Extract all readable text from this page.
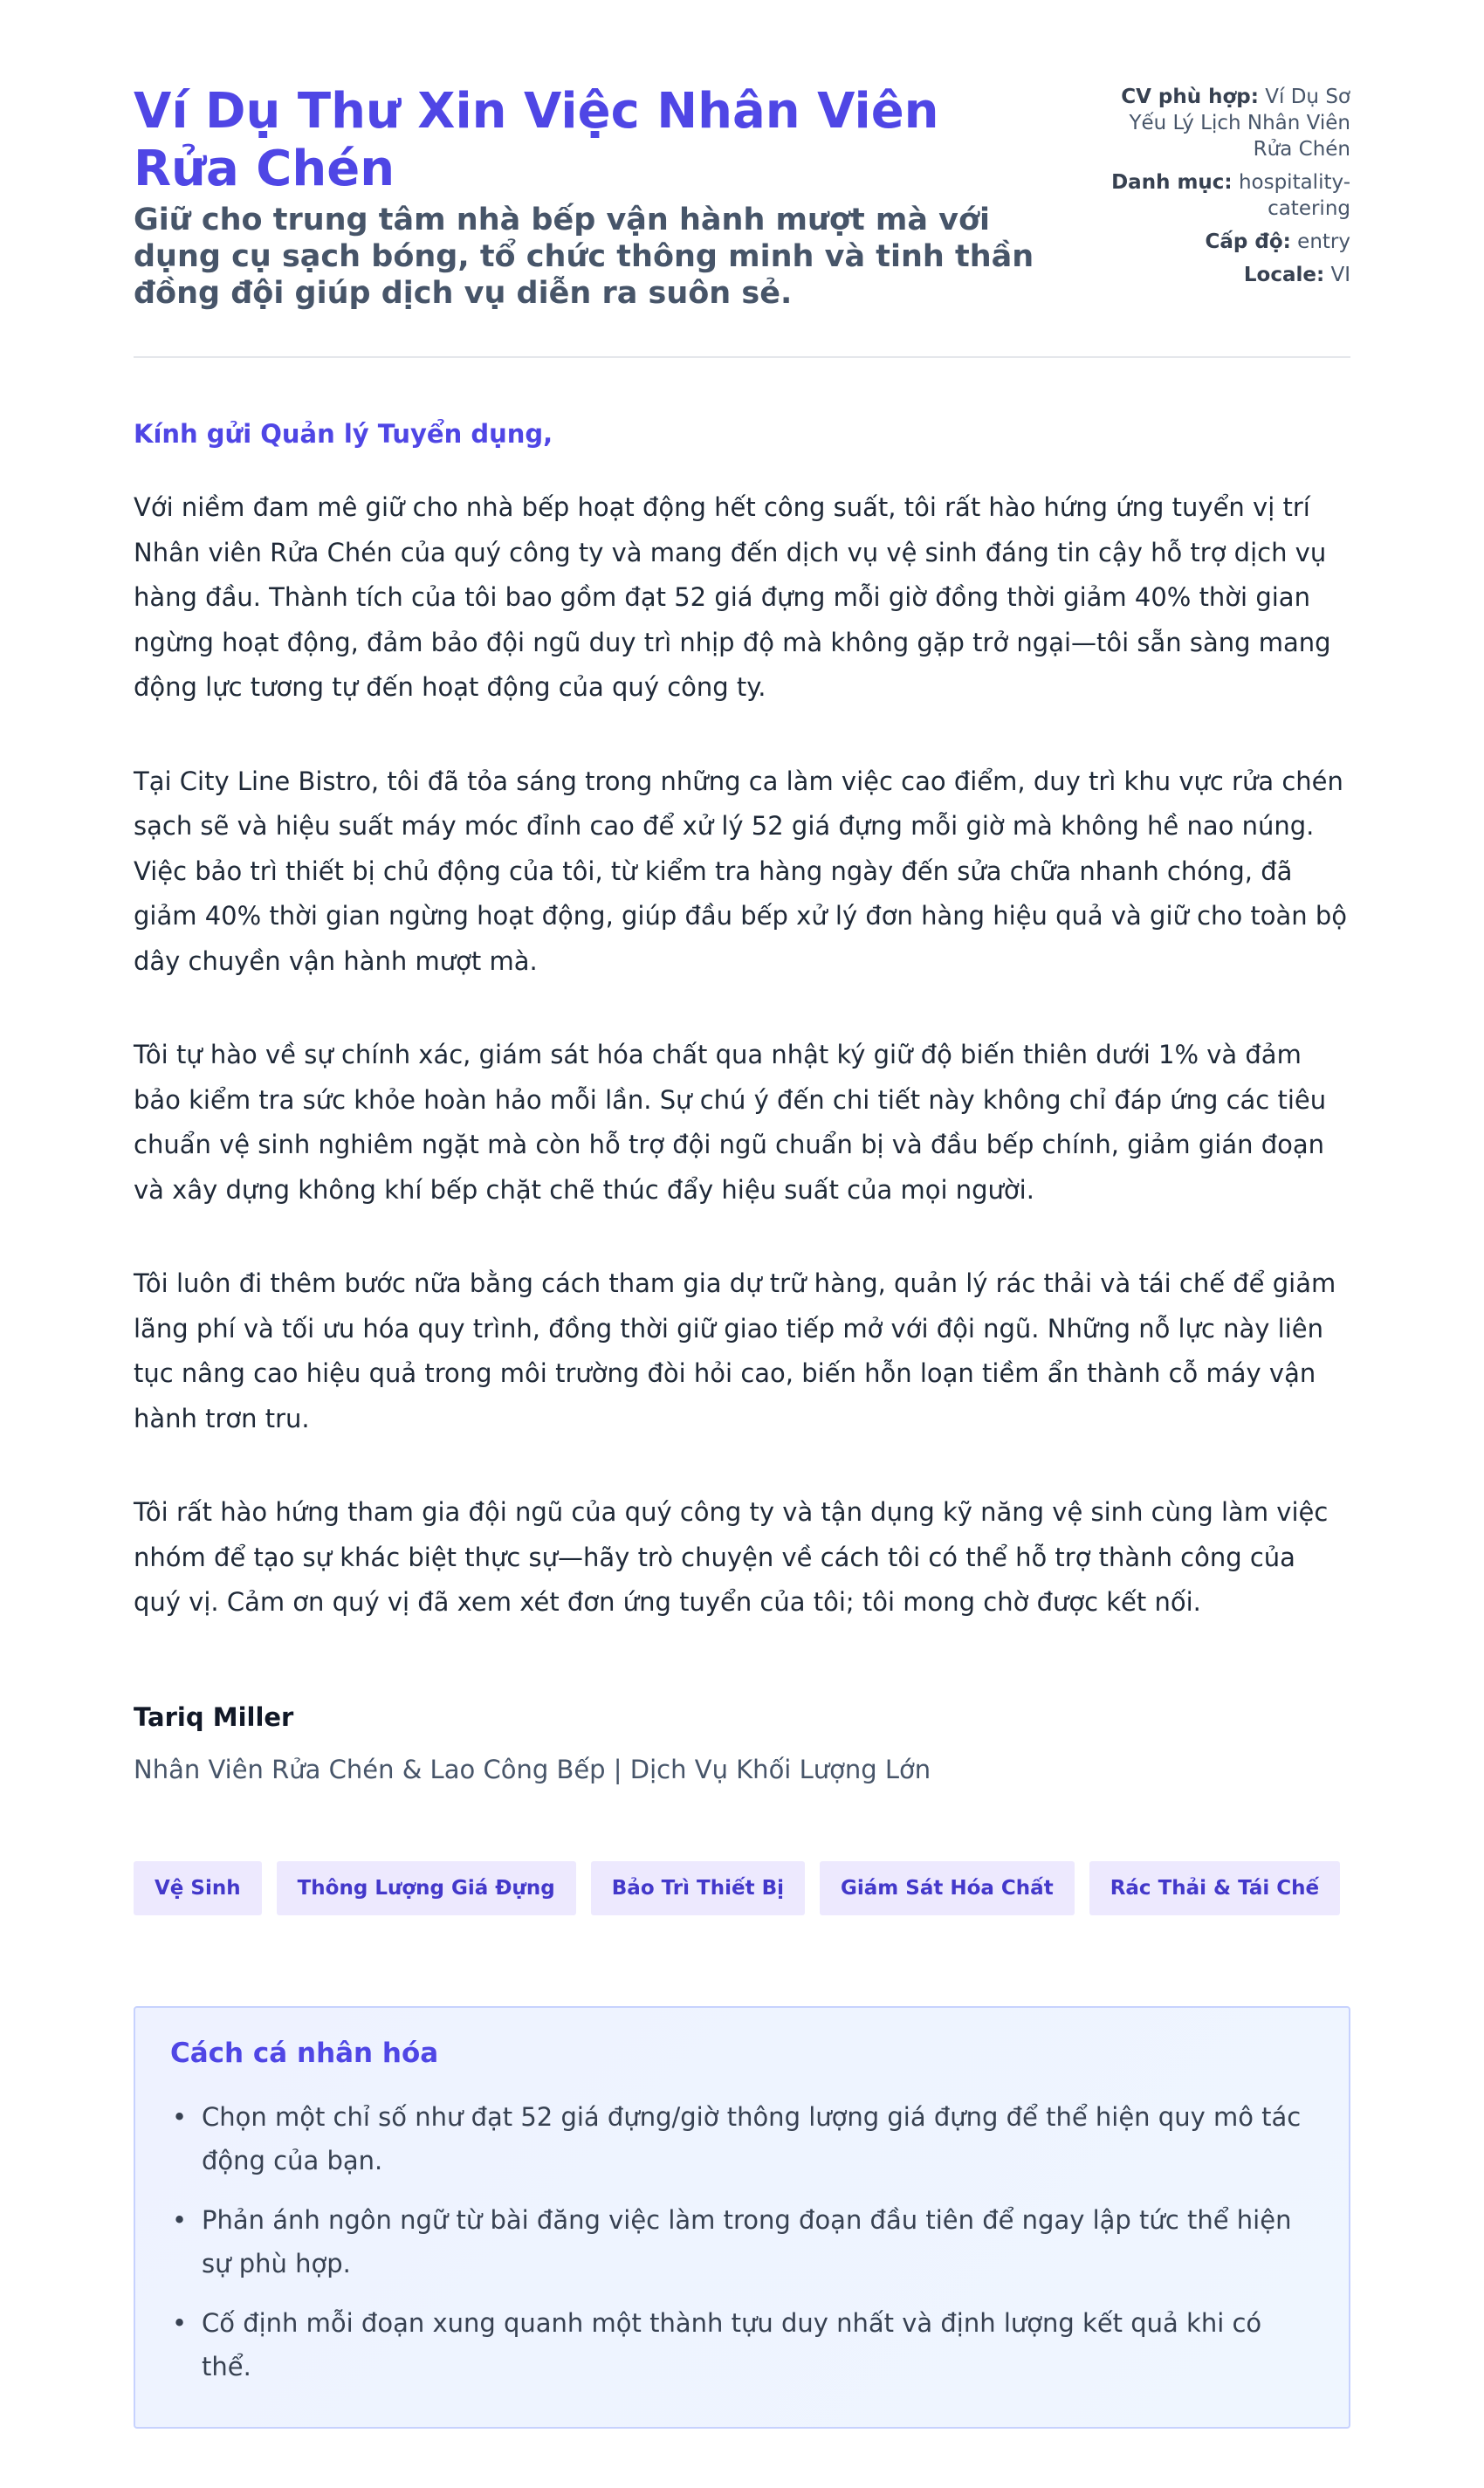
Ví Dụ Thư Xin Việc Nhân Viên Rửa Chén

Giữ cho trung tâm nhà bếp vận hành mượt mà với dụng cụ sạch bóng, tổ chức thông minh và tinh thần đồng đội giúp dịch vụ diễn ra suôn sẻ.

CV phù hợp: Ví Dụ Sơ Yếu Lý Lịch Nhân Viên Rửa Chén
Danh mục: hospitality-catering
Cấp độ: entry
Locale: VI

Kính gửi Quản lý Tuyển dụng,

Với niềm đam mê giữ cho nhà bếp hoạt động hết công suất, tôi rất hào hứng ứng tuyển vị trí Nhân viên Rửa Chén của quý công ty và mang đến dịch vụ vệ sinh đáng tin cậy hỗ trợ dịch vụ hàng đầu. Thành tích của tôi bao gồm đạt 52 giá đựng mỗi giờ đồng thời giảm 40% thời gian ngừng hoạt động, đảm bảo đội ngũ duy trì nhịp độ mà không gặp trở ngại—tôi sẵn sàng mang động lực tương tự đến hoạt động của quý công ty.

Tại City Line Bistro, tôi đã tỏa sáng trong những ca làm việc cao điểm, duy trì khu vực rửa chén sạch sẽ và hiệu suất máy móc đỉnh cao để xử lý 52 giá đựng mỗi giờ mà không hề nao núng. Việc bảo trì thiết bị chủ động của tôi, từ kiểm tra hàng ngày đến sửa chữa nhanh chóng, đã giảm 40% thời gian ngừng hoạt động, giúp đầu bếp xử lý đơn hàng hiệu quả và giữ cho toàn bộ dây chuyền vận hành mượt mà.

Tôi tự hào về sự chính xác, giám sát hóa chất qua nhật ký giữ độ biến thiên dưới 1% và đảm bảo kiểm tra sức khỏe hoàn hảo mỗi lần. Sự chú ý đến chi tiết này không chỉ đáp ứng các tiêu chuẩn vệ sinh nghiêm ngặt mà còn hỗ trợ đội ngũ chuẩn bị và đầu bếp chính, giảm gián đoạn và xây dựng không khí bếp chặt chẽ thúc đẩy hiệu suất của mọi người.

Tôi luôn đi thêm bước nữa bằng cách tham gia dự trữ hàng, quản lý rác thải và tái chế để giảm lãng phí và tối ưu hóa quy trình, đồng thời giữ giao tiếp mở với đội ngũ. Những nỗ lực này liên tục nâng cao hiệu quả trong môi trường đòi hỏi cao, biến hỗn loạn tiềm ẩn thành cỗ máy vận hành trơn tru.

Tôi rất hào hứng tham gia đội ngũ của quý công ty và tận dụng kỹ năng vệ sinh cùng làm việc nhóm để tạo sự khác biệt thực sự—hãy trò chuyện về cách tôi có thể hỗ trợ thành công của quý vị. Cảm ơn quý vị đã xem xét đơn ứng tuyển của tôi; tôi mong chờ được kết nối.

Tariq Miller

Nhân Viên Rửa Chén & Lao Công Bếp | Dịch Vụ Khối Lượng Lớn

Vệ Sinh	Thông Lượng Giá Đựng	Bảo Trì Thiết Bị	Giám Sát Hóa Chất	Rác Thải & Tái Chế
Cách cá nhân hóa
• Chọn một chỉ số như đạt 52 giá đựng/giờ thông lượng giá đựng để thể hiện quy mô tác động của bạn.
• Phản ánh ngôn ngữ từ bài đăng việc làm trong đoạn đầu tiên để ngay lập tức thể hiện sự phù hợp.
• Cố định mỗi đoạn xung quanh một thành tựu duy nhất và định lượng kết quả khi có thể.
